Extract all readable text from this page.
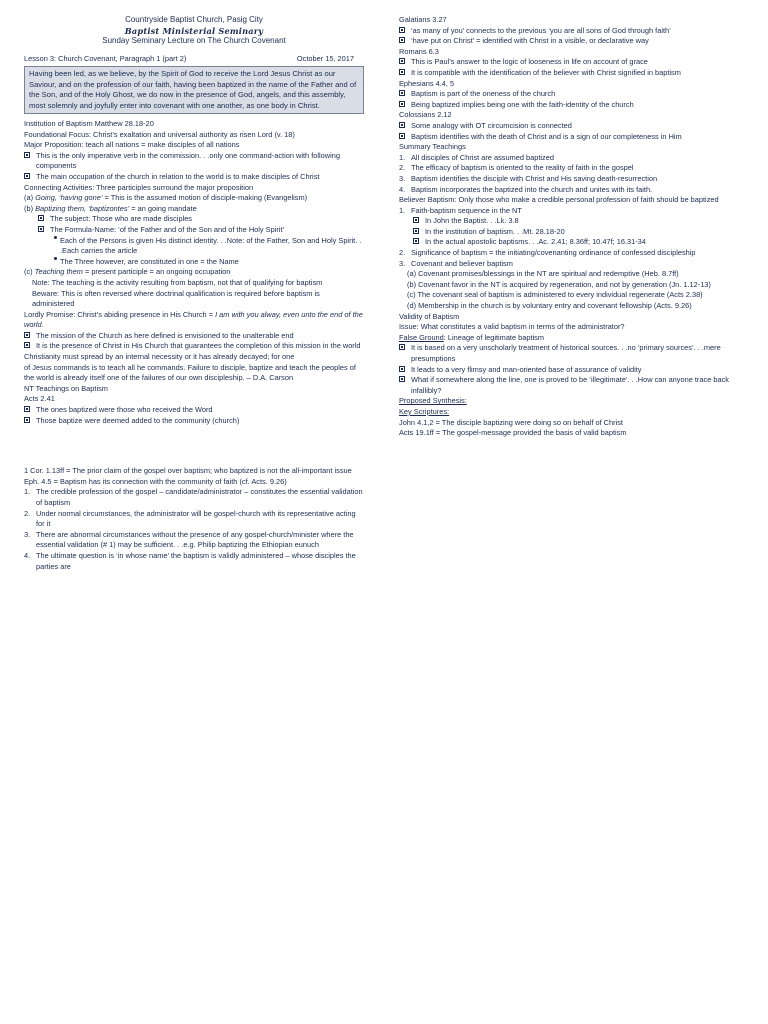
Countryside Baptist Church, Pasig City
Baptist Ministerial Seminary
Sunday Seminary Lecture on The Church Covenant
Lesson 3: Church Covenant, Paragraph 1 (part 2)	October 15, 2017
Having been led, as we believe, by the Spirit of God to receive the Lord Jesus Christ as our Saviour, and on the profession of our faith, having been baptized in the name of the Father and of the Son, and of the Holy Ghost, we do now in the presence of God, angels, and this assembly, most solemnly and joyfully enter into covenant with one another, as one body in Christ.
Institution of Baptism Matthew 28.18-20
Foundational Focus: Christ’s exaltation and universal authority as risen Lord (v. 18)
Major Proposition: teach all nations = make disciples of all nations
This is the only imperative verb in the commission. . .only one command-action with following components
The main occupation of the church in relation to the world is to make disciples of Christ
Connecting Activities: Three participles surround the major proposition
(a) Going, ‘having gone’ = This is the assumed motion of disciple-making (Evangelism)
(b) Baptizing them, ‘baptizontes’ = an going mandate
The subject: Those who are made disciples
The Formula-Name: ‘of the Father and of the Son and of the Holy Spirit’
Each of the Persons is given His distinct identity. . .Note: of the Father, Son and Holy Spirit. . .Each carries the article
The Three however, are constituted in one = the Name
(c) Teaching them = present participle = an ongoing occupation
Note: The teaching is the activity resulting from baptism, not that of qualifying for baptism
Beware: This is often reversed where doctrinal qualification is required before baptism is administered
Lordly Promise: Christ’s abiding presence in His Church = I am with you alway, even unto the end of the world.
The mission of the Church as here defined is envisioned to the unalterable end
It is the presence of Christ in His Church that guarantees the completion of this mission in the world
Christianity must spread by an internal necessity or it has already decayed; for one
of Jesus commands is to teach all he commands. Failure to disciple, baptize and teach the peoples of the world is already itself one of the failures of our own discipleship. – D.A. Carson
NT Teachings on Baptism
Acts 2.41
The ones baptized were those who received the Word
Those baptize were deemed added to the community (church)
1 Cor. 1.13ff = The prior claim of the gospel over baptism; who baptized is not the all-important issue
Eph. 4.5 = Baptism has its connection with the community of faith (cf. Acts. 9.26)
1. The credible profession of the gospel – candidate/administrator – constitutes the essential validation of baptism
2. Under normal circumstances, the administrator will be gospel-church with its representative acting for it
3. There are abnormal circumstances without the presence of any gospel-church/minister where the essential validation (# 1) may be sufficient. . .e.g. Philip baptizing the Ethiopian eunuch
4. The ultimate question is ‘in whose name’ the baptism is validly administered – whose disciples the parties are
Galatians 3.27
‘as many of you’ connects to the previous ‘you are all sons of God through faith’
‘have put on Christ’ = identified with Christ in a visible, or declarative way
Romans 6.3
This is Paul’s answer to the logic of looseness in life on account of grace
It is compatible with the identification of the believer with Christ signified in baptism
Ephesians 4.4, 5
Baptism is part of the oneness of the church
Being baptized implies being one with the faith-identity of the church
Colossians 2.12
Some analogy with OT circumcision is connected
Baptism identifies with the death of Christ and is a sign of our completeness in Him
Summary Teachings
1. All disciples of Christ are assumed baptized
2. The efficacy of baptism is oriented to the reality of faith in the gospel
3. Baptism identifies the disciple with Christ and His saving death-resurrection
4. Baptism incorporates the baptized into the church and unites with its faith.
Believer Baptism: Only those who make a credible personal profession of faith should be baptized
1. Faith-baptism sequence in the NT
In John the Baptist. . .Lk. 3.8
In the institution of baptism. . .Mt. 28.18-20
In the actual apostolic baptisms. . .Ac. 2.41; 8.36ff; 10.47f; 16.31-34
2. Significance of baptism = the initiating/covenanting ordinance of confessed discipleship
3. Covenant and believer baptism
(a) Covenant promises/blessings in the NT are spiritual and redemptive (Heb. 8.7ff)
(b) Covenant favor in the NT is acquired by regeneration, and not by generation (Jn. 1.12-13)
(c) The covenant seal of baptism is administered to every individual regenerate (Acts 2.38)
(d) Membership in the church is by voluntary entry and covenant fellowship (Acts. 9.26)
Validity of Baptism
Issue: What constitutes a valid baptism in terms of the administrator?
False Ground: Lineage of legitimate baptism
It is based on a very unscholarly treatment of historical sources. . .no ‘primary sources’. . .mere presumptions
It leads to a very flimsy and man-oriented base of assurance of validity
What if somewhere along the line, one is proved to be ‘illegitimate’. . .How can anyone trace back infallibly?
Proposed Synthesis:
Key Scriptures:
John 4.1,2 = The disciple baptizing were doing so on behalf of Christ
Acts 19.1ff = The gospel-message provided the basis of valid baptism
